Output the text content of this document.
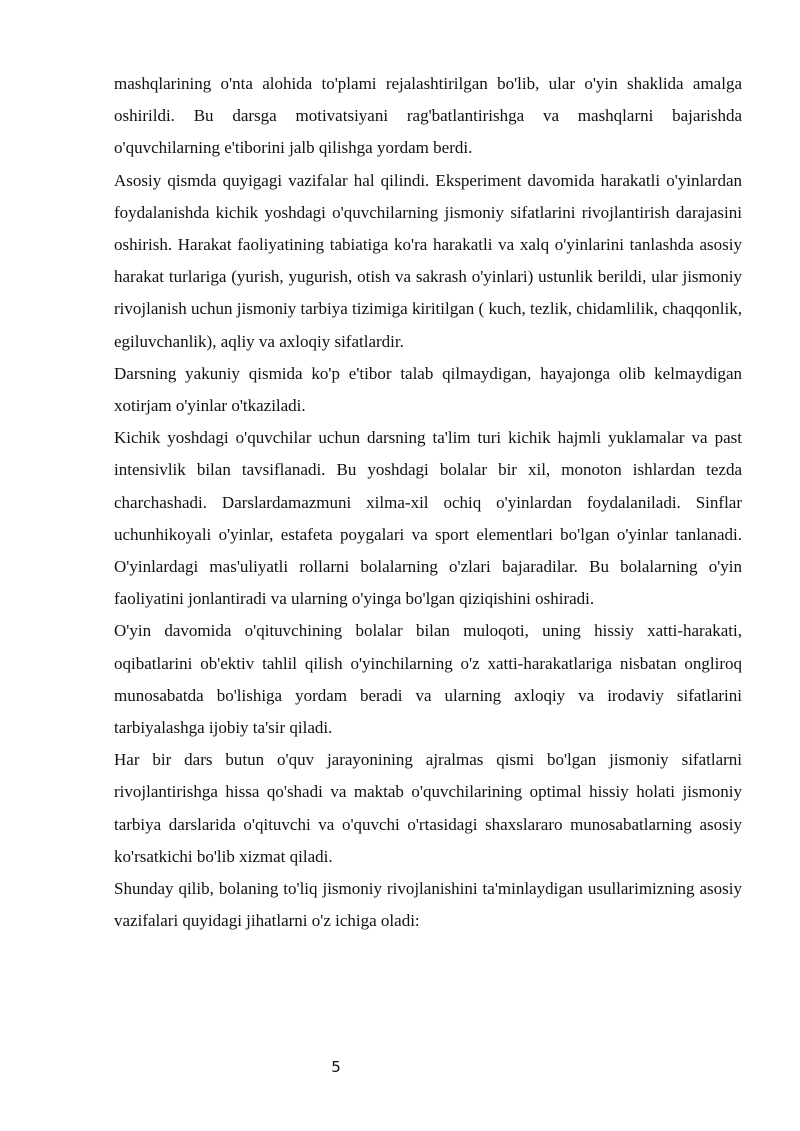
mashqlarining o'nta alohida to'plami rejalashtirilgan bo'lib, ular o'yin shaklida amalga oshirildi. Bu darsga motivatsiyani rag'batlantirishga va mashqlarni bajarishda o'quvchilarning e'tiborini jalb qilishga yordam berdi.

Asosiy qismda quyigagi vazifalar hal qilindi. Eksperiment davomida harakatli o'yinlardan foydalanishda kichik yoshdagi o'quvchilarning jismoniy sifatlarini rivojlantirish darajasini oshirish. Harakat faoliyatining tabiatiga ko'ra harakatli va xalq o'yinlarini tanlashda asosiy harakat turlariga (yurish, yugurish, otish va sakrash o'yinlari) ustunlik berildi, ular jismoniy rivojlanish uchun jismoniy tarbiya tizimiga kiritilgan ( kuch, tezlik, chidamlilik, chaqqonlik, egiluvchanlik), aqliy va axloqiy sifatlardir.

Darsning yakuniy qismida ko'p e'tibor talab qilmaydigan, hayajonga olib kelmaydigan xotirjam o'yinlar o'tkaziladi.

Kichik yoshdagi o'quvchilar uchun darsning ta'lim turi kichik hajmli yuklamalar va past intensivlik bilan tavsiflanadi. Bu yoshdagi bolalar bir xil, monoton ishlardan tezda charchashadi. Darslardamazmuni xilma-xil ochiq o'yinlardan foydalaniladi. Sinflar uchunhikoyali o'yinlar, estafeta poygalari va sport elementlari bo'lgan o'yinlar tanlanadi. O'yinlardagi mas'uliyatli rollarni bolalarning o'zlari bajaradilar. Bu bolalarning o'yin faoliyatini jonlantiradi va ularning o'yinga bo'lgan qiziqishini oshiradi.

O'yin davomida o'qituvchining bolalar bilan muloqoti, uning hissiy xatti-harakati, oqibatlarini ob'ektiv tahlil qilish o'yinchilarning o'z xatti-harakatlariga nisbatan ongliroq munosabatda bo'lishiga yordam beradi va ularning axloqiy va irodaviy sifatlarini tarbiyalashga ijobiy ta'sir qiladi.

Har bir dars butun o'quv jarayonining ajralmas qismi bo'lgan jismoniy sifatlarni rivojlantirishga hissa qo'shadi va maktab o'quvchilarining optimal hissiy holati jismoniy tarbiya darslarida o'qituvchi va o'quvchi o'rtasidagi shaxslararo munosabatlarning asosiy ko'rsatkichi bo'lib xizmat qiladi.

Shunday qilib, bolaning to'liq jismoniy rivojlanishini ta'minlaydigan usullarimizning asosiy vazifalari quyidagi jihatlarni o'z ichiga oladi:

5
